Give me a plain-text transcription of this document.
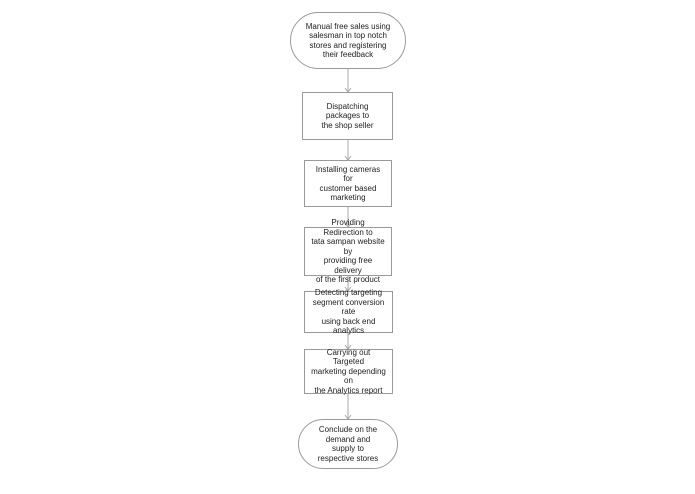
Manual free sales using
salesman in top notch
stores and registering
their feedback
Dispatching packages to
the shop seller
Installing cameras for
customer based
marketing
Providing Redirection to
tata sampan website by
providing free delivery
of the first product
Detecting targeting
segment conversion rate
using back end analytics
Carrying out Targeted
marketing depending on
the Analytics report
Conclude on the
demand and
supply to
respective stores
